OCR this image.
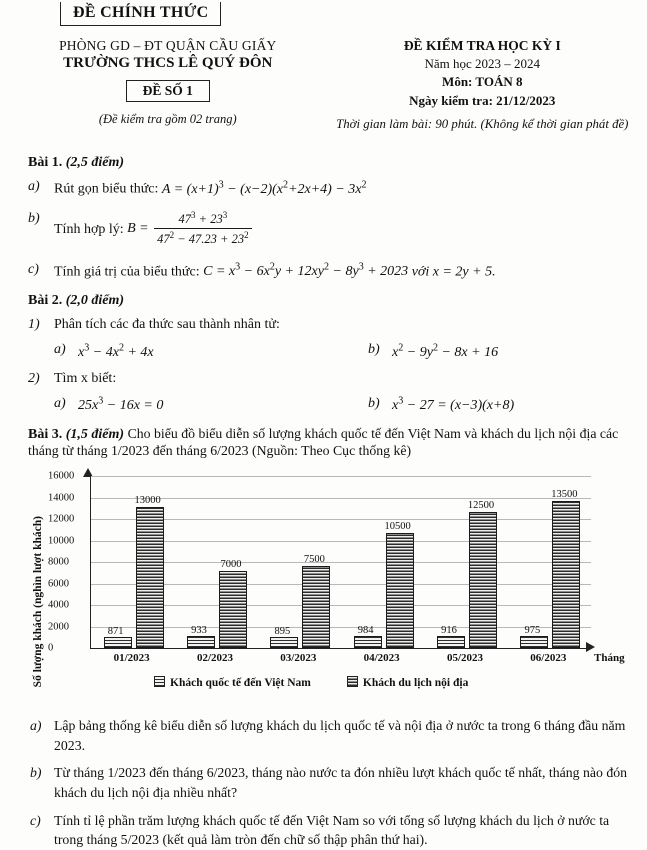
ĐỀ CHÍNH THỨC
PHÒNG GD – ĐT QUẬN CẦU GIẤY
TRƯỜNG THCS LÊ QUÝ ĐÔN
ĐỀ SỐ 1
(Đề kiểm tra gồm 02 trang)
ĐỀ KIỂM TRA HỌC KỲ I
Năm học 2023 – 2024
Môn: TOÁN 8
Ngày kiểm tra: 21/12/2023
Thời gian làm bài: 90 phút. (Không kể thời gian phát đề)
Bài 1. (2,5 điểm)
a) Rút gọn biểu thức: $A = (x+1)^3 - (x-2)(x^2+2x+4) - 3x^2$
b)
Tính hợp lý: $B = \frac{47^3 + 23^3}{47^2 - 47.23 + 23^2}$
c) Tính giá trị của biểu thức: $C = x^3 - 6x^2y + 12xy^2 - 8y^3 + 2023$ với x = 2y + 5.
Bài 2. (2,0 điểm)
1) Phân tích các đa thức sau thành nhân tử:
a) $x^3 - 4x^2 + 4x$	b) $x^2 - 9y^2 - 8x + 16$
2) Tìm x biết:
a) $25x^3 - 16x = 0$	b) $x^3 - 27 = (x-3)(x+8)$
Bài 3. (1,5 điểm) Cho biểu đồ biểu diễn số lượng khách quốc tế đến Việt Nam và khách du lịch nội địa các tháng từ tháng 1/2023 đến tháng 6/2023 (Nguồn: Theo Cục thống kê)
Số lượng khách (nghìn lượt khách)	Khách quốc tế đến Việt Nam	Khách du lịch nội địa
0
2000
4000
6000
8000
10000
12000
14000
16000
871
13000
01/2023
933
7000
02/2023
895
7500
03/2023
984
10500
04/2023
916
12500
05/2023
975
13500
06/2023	Tháng
a) Lập bảng thống kê biểu diễn số lượng khách du lịch quốc tế và nội địa ở nước ta trong 6 tháng đầu năm 2023.
b) Từ tháng 1/2023 đến tháng 6/2023, tháng nào nước ta đón nhiều lượt khách quốc tế nhất, tháng nào đón khách du lịch nội địa nhiều nhất?
c) Tính tỉ lệ phần trăm lượng khách quốc tế đến Việt Nam so với tổng số lượng khách du lịch ở nước ta trong tháng 5/2023 (kết quả làm tròn đến chữ số thập phân thứ hai).
